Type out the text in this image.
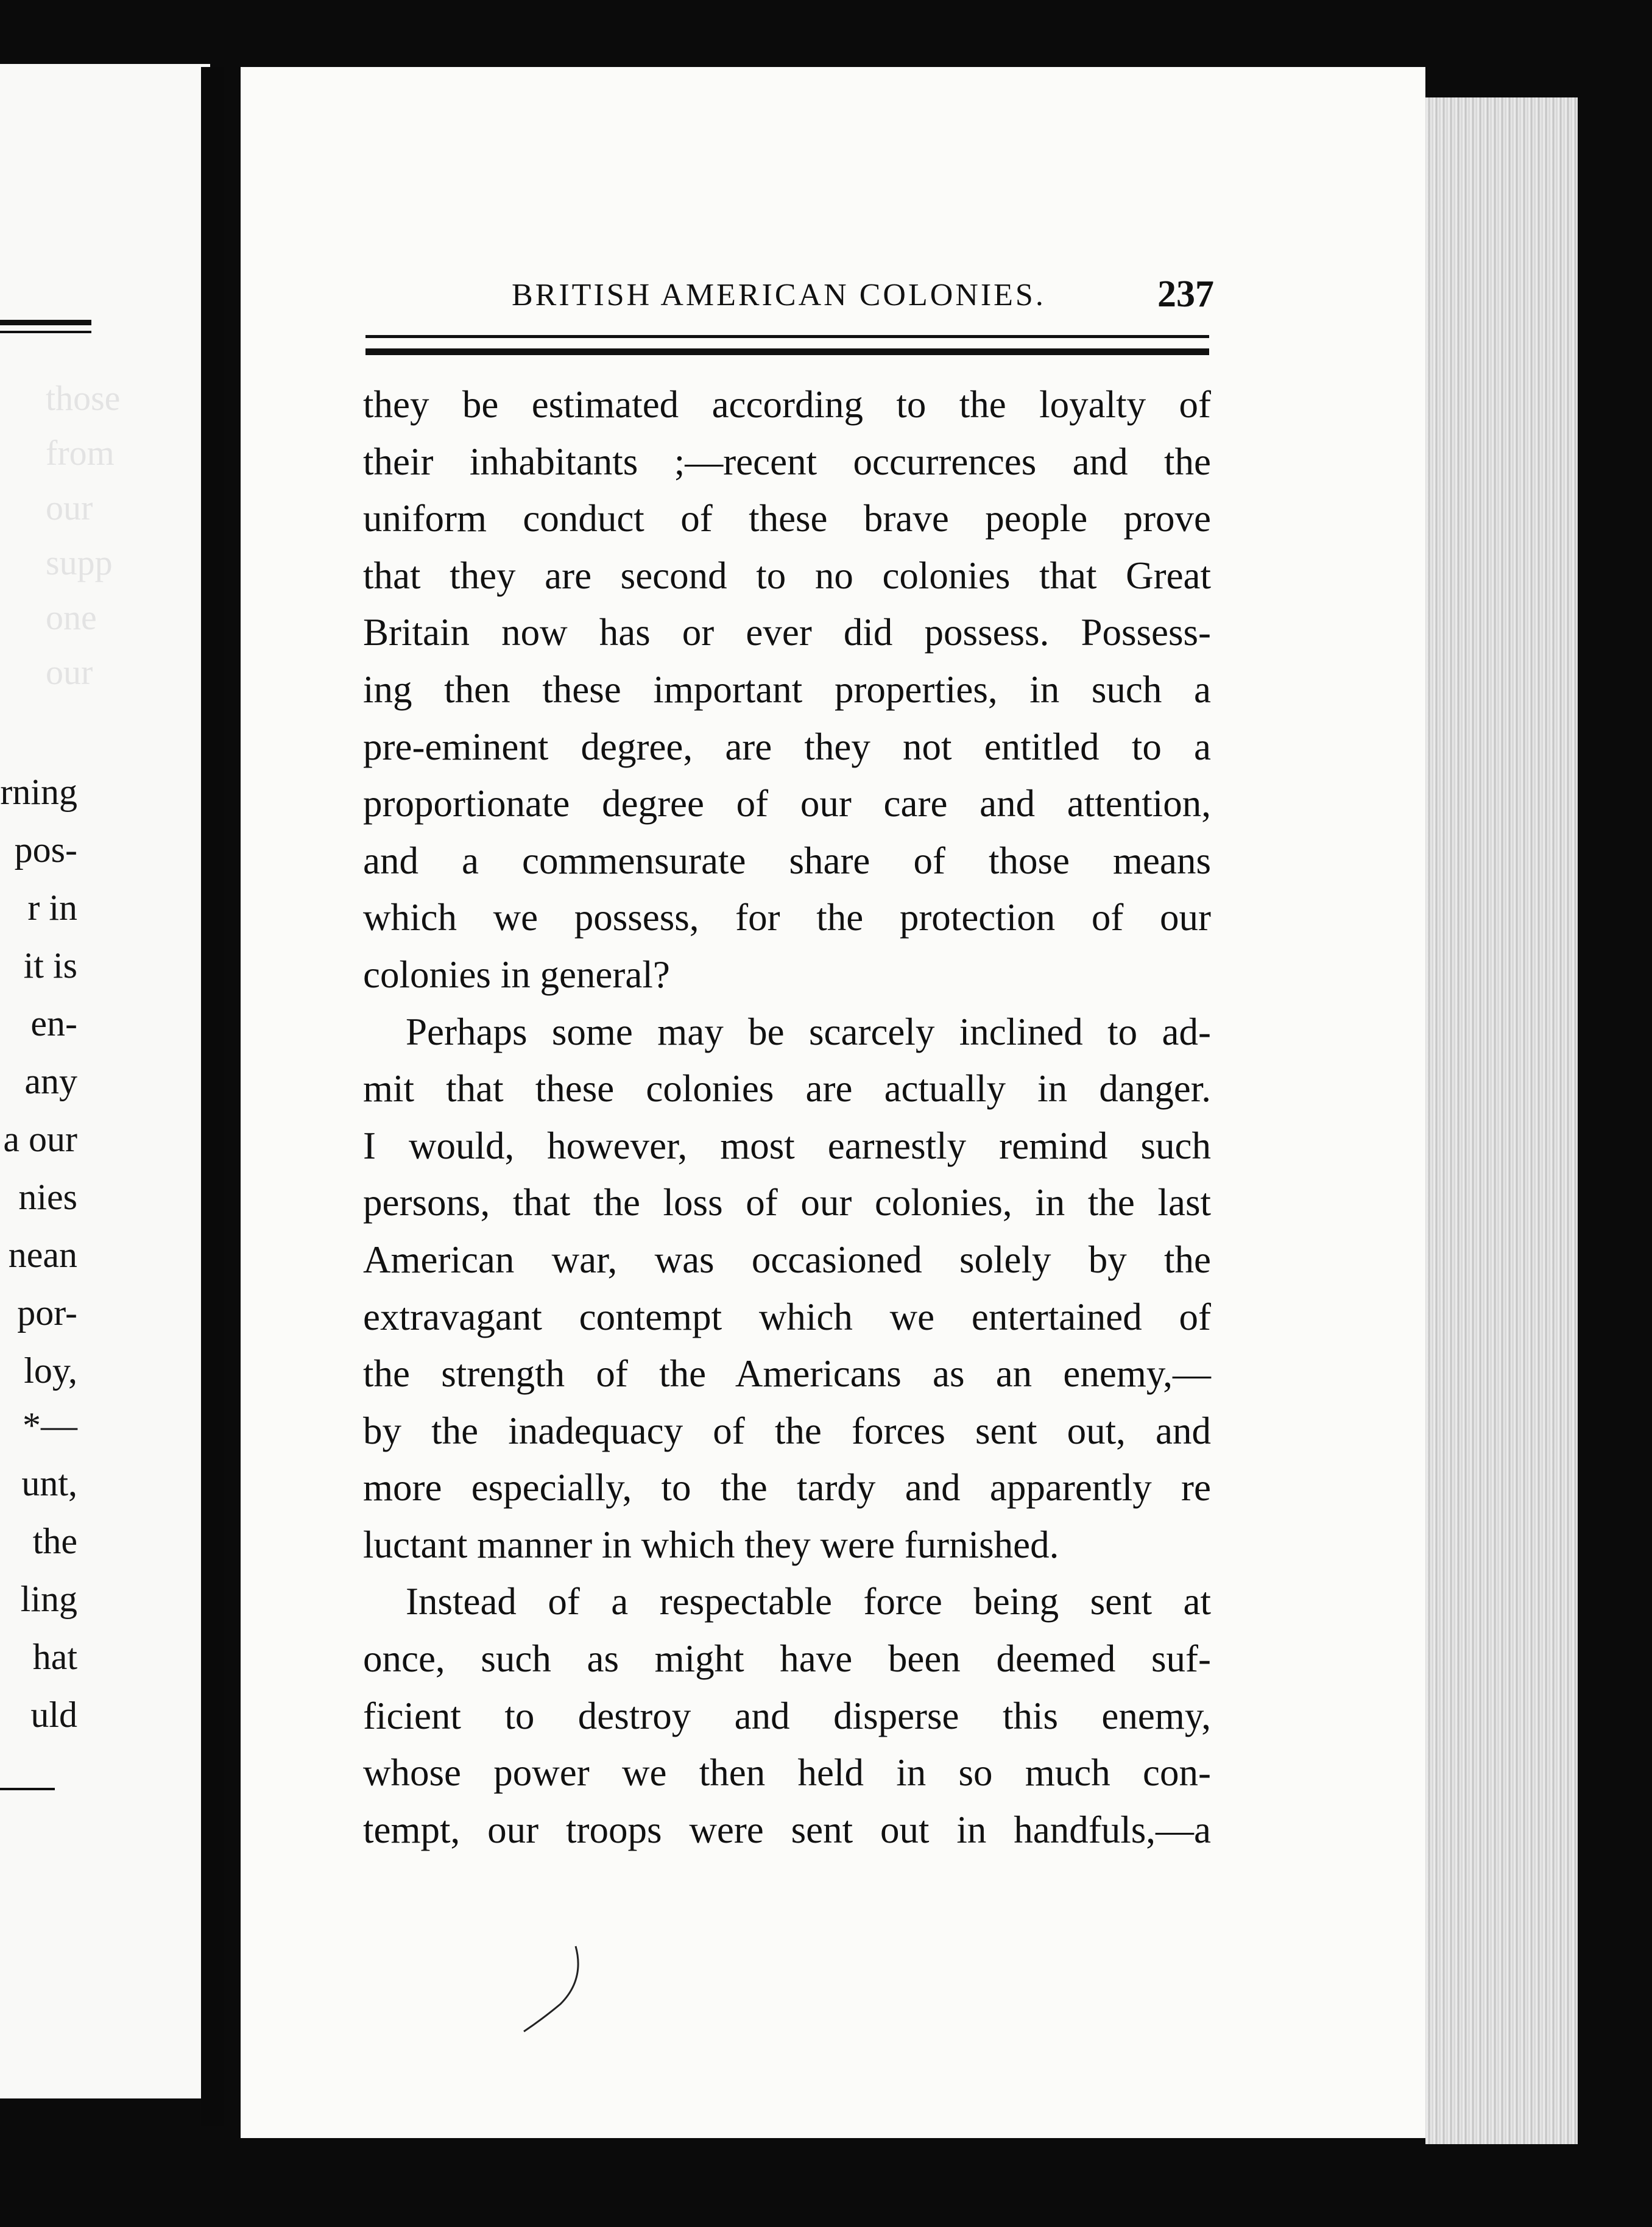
those
from
our
supp
one
our
rning
pos-
r in
it is
en-
any
a our
nies
nean
por-
loy,
*—
unt,
the
ling
hat
uld
BRITISH AMERICAN COLONIES.	237
they be estimated according to the loyalty of
their inhabitants ;—recent occurrences and the
uniform conduct of these brave people prove
that they are second to no colonies that Great
Britain now has or ever did possess. Possess-
ing then these important properties, in such a
pre-eminent degree, are they not entitled to a
proportionate degree of our care and attention,
and a commensurate share of those means
which we possess, for the protection of our
colonies in general?
Perhaps some may be scarcely inclined to ad-
mit that these colonies are actually in danger.
I would, however, most earnestly remind such
persons, that the loss of our colonies, in the last
American war, was occasioned solely by the
extravagant contempt which we entertained of
the strength of the Americans as an enemy,—
by the inadequacy of the forces sent out, and
more especially, to the tardy and apparently re
luctant manner in which they were furnished.
Instead of a respectable force being sent at
once, such as might have been deemed suf-
ficient to destroy and disperse this enemy,
whose power we then held in so much con-
tempt, our troops were sent out in handfuls,—a
